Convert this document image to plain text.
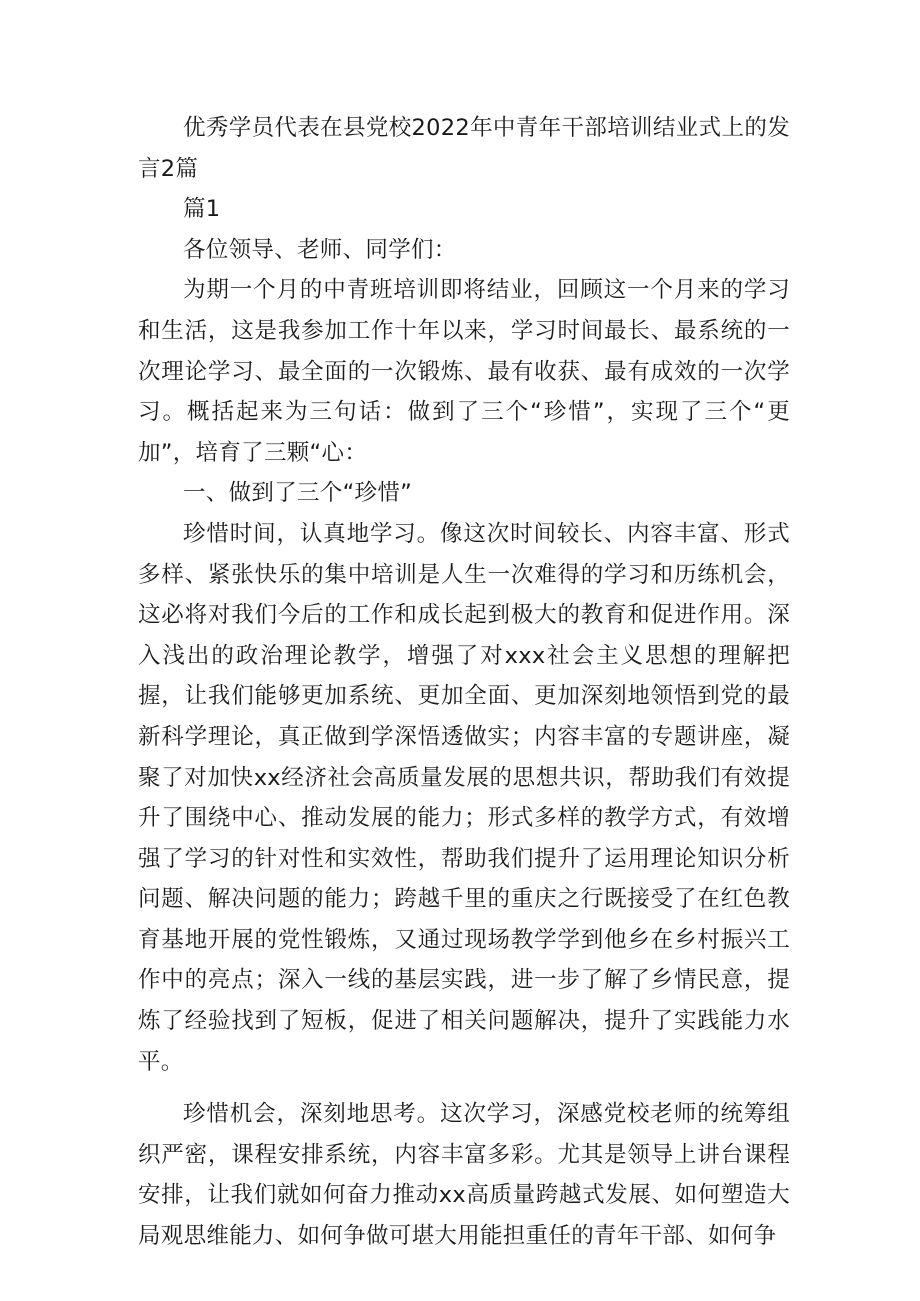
优秀学员代表在县党校2022年中青年干部培训结业式上的发言2篇

篇1

各位领导、老师、同学们：

为期一个月的中青班培训即将结业，回顾这一个月来的学习和生活，这是我参加工作十年以来，学习时间最长、最系统的一次理论学习、最全面的一次锻炼、最有收获、最有成效的一次学习。概括起来为三句话：做到了三个“珍惜”，实现了三个“更加”，培育了三颗“心：

一、做到了三个“珍惜”

珍惜时间，认真地学习。像这次时间较长、内容丰富、形式多样、紧张快乐的集中培训是人生一次难得的学习和历练机会，这必将对我们今后的工作和成长起到极大的教育和促进作用。深入浅出的政治理论教学，增强了对xxx社会主义思想的理解把握，让我们能够更加系统、更加全面、更加深刻地领悟到党的最新科学理论，真正做到学深悟透做实；内容丰富的专题讲座，凝聚了对加快xx经济社会高质量发展的思想共识，帮助我们有效提升了围绕中心、推动发展的能力；形式多样的教学方式，有效增强了学习的针对性和实效性，帮助我们提升了运用理论知识分析问题、解决问题的能力；跨越千里的重庆之行既接受了在红色教育基地开展的党性锻炼，又通过现场教学学到他乡在乡村振兴工作中的亮点；深入一线的基层实践，进一步了解了乡情民意，提炼了经验找到了短板，促进了相关问题解决，提升了实践能力水平。

珍惜机会，深刻地思考。这次学习，深感党校老师的统筹组织严密，课程安排系统，内容丰富多彩。尤其是领导上讲台课程安排，让我们就如何奋力推动xx高质量跨越式发展、如何塑造大局观思维能力、如何争做可堪大用能担重任的青年干部、如何争
